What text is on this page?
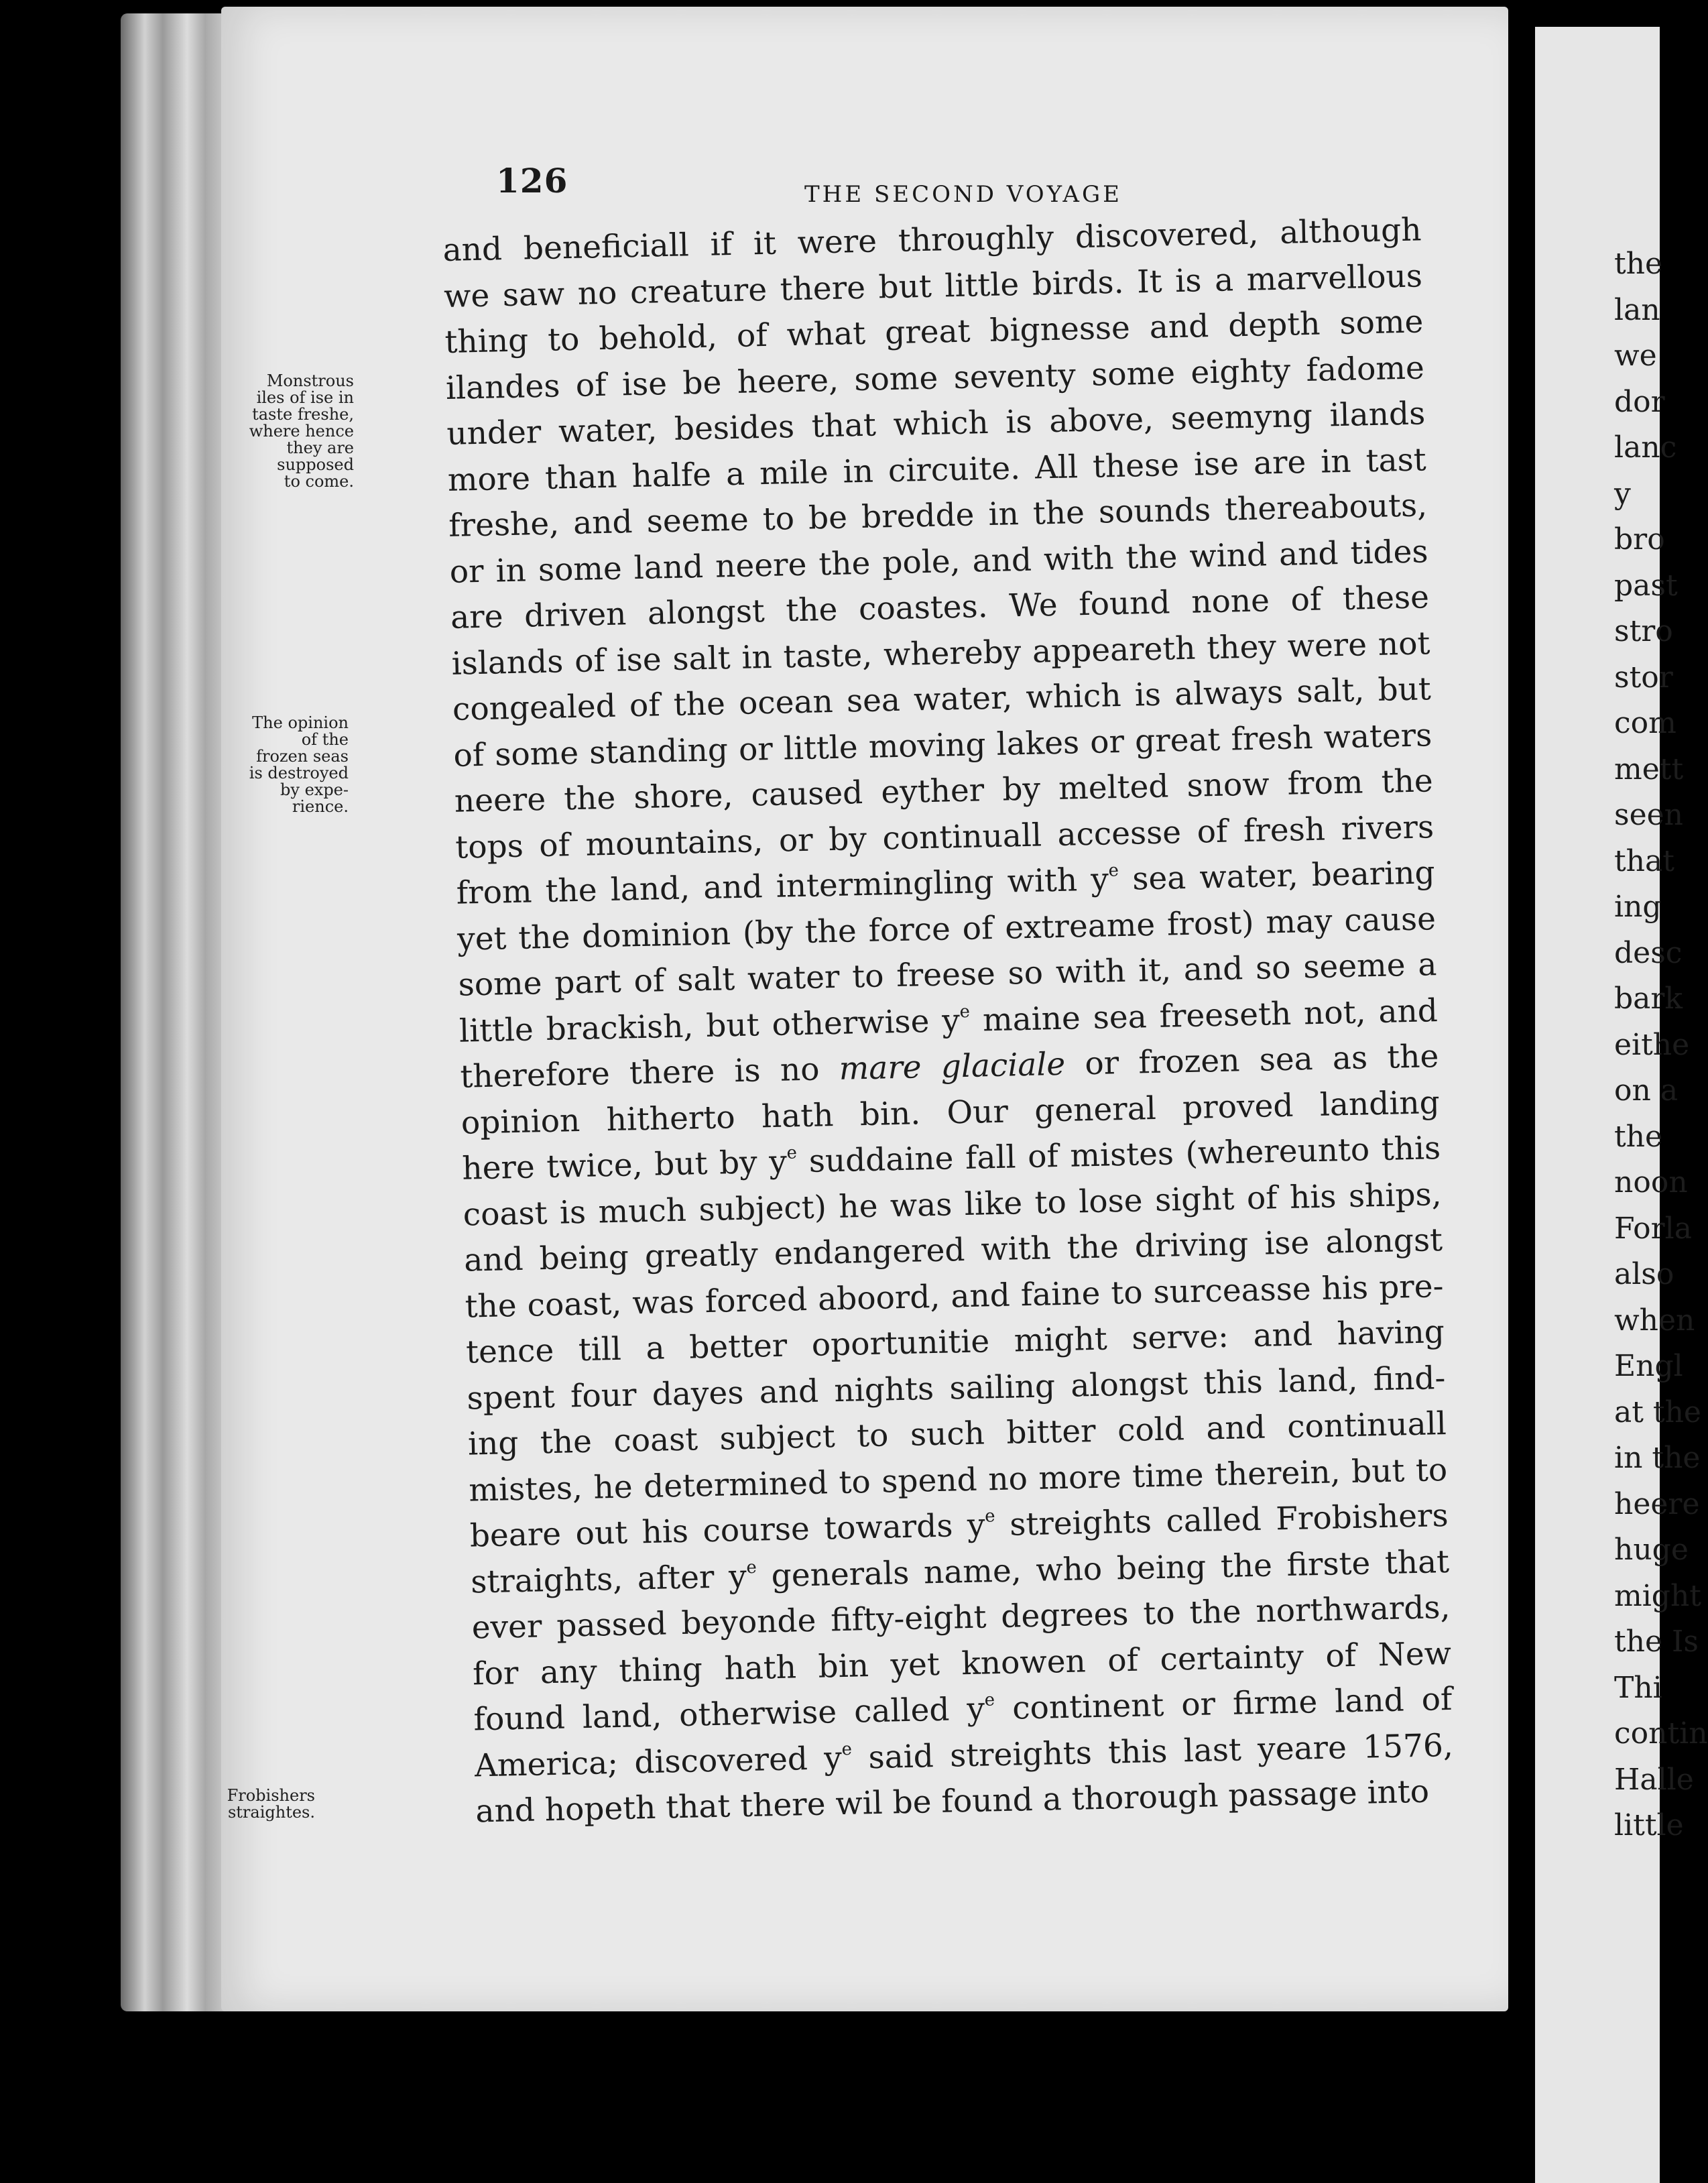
126	THE SECOND VOYAGE
and beneficiall if it were throughly discovered, although
we saw no creature there but little birds. It is a marvellous
thing to behold, of what great bignesse and depth some
ilandes of ise be heere, some seventy some eighty fadome
under water, besides that which is above, seemyng ilands
more than halfe a mile in circuite. All these ise are in tast
freshe, and seeme to be bredde in the sounds thereabouts,
or in some land neere the pole, and with the wind and tides
are driven alongst the coastes. We found none of these
islands of ise salt in taste, whereby appeareth they were not
congealed of the ocean sea water, which is always salt, but
of some standing or little moving lakes or great fresh waters
neere the shore, caused eyther by melted snow from the
tops of mountains, or by continuall accesse of fresh rivers
from the land, and intermingling with $y^e$ sea water, bearing
yet the dominion (by the force of extreame frost) may cause
some part of salt water to freese so with it, and so seeme a
little brackish, but otherwise $y^e$ maine sea freeseth not, and
therefore there is no mare glaciale or frozen sea as the
opinion hitherto hath bin. Our general proved landing
here twice, but by $y^e$ suddaine fall of mistes (whereunto this
coast is much subject) he was like to lose sight of his ships,
and being greatly endangered with the driving ise alongst
the coast, was forced aboord, and faine to surceasse his pre-
tence till a better oportunitie might serve: and having
spent four dayes and nights sailing alongst this land, find-
ing the coast subject to such bitter cold and continuall
mistes, he determined to spend no more time therein, but to
beare out his course towards $y^e$ streights called Frobishers
straights, after $y^e$ generals name, who being the firste that
ever passed beyonde fifty-eight degrees to the northwards,
for any thing hath bin yet knowen of certainty of New
found land, otherwise called $y^e$ continent or firme land of
America; discovered $y^e$ said streights this last yeare 1576,
and hopeth that there wil be found a thorough passage into
Monstrous
iles of ise in
taste freshe,
where hence
they are
supposed
to come.
The opinion
of the
frozen seas
is destroyed
by expe-
rience.
Frobishers
straightes.
the
lan
we
dor
lanc
y
bro
past
stro
stor
com
mett
seen
that
ing
desc
bark
eithe
on a
the
noon
Forla
also
when
Engl
at the
in the
heere
huge
might
the Is
Thi
contin
Halle
little
